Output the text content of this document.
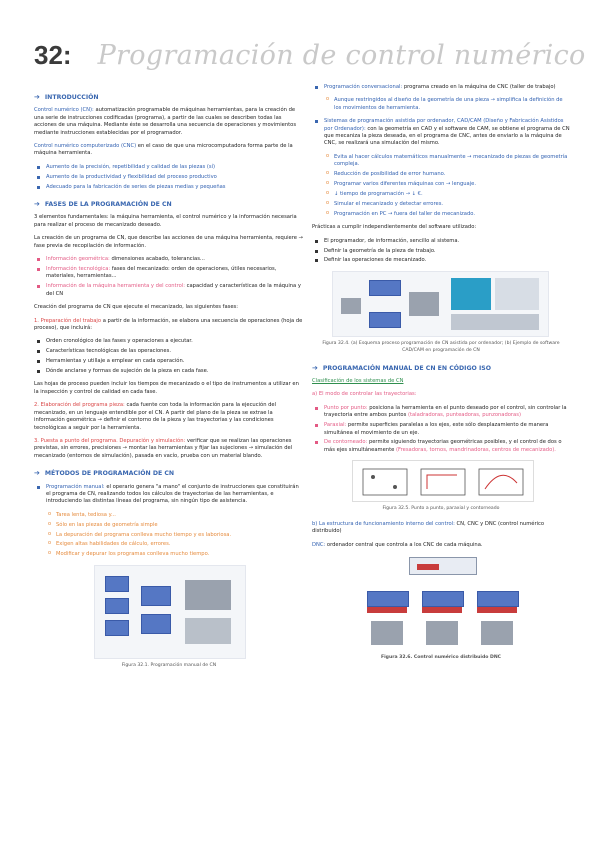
32: Programación de control numérico
➔ INTRODUCCIÓN

Control numérico (CN): automatización programable de máquinas herramientas, para la creación de una serie de instrucciones codificadas (programa), a partir de las cuales se describen todas las acciones de una máquina. Mediante éste se desarrolla una secuencia de operaciones y movimientos mediante instrucciones establecidas por el programador.

Control numérico computerizado (CNC) en el caso de que una microcomputadora forma parte de la máquina herramienta.

Aumento de la precisión, repetibilidad y calidad de las piezas (sí)
Aumento de la productividad y flexibilidad del proceso productivo
Adecuado para la fabricación de series de piezas medias y pequeñas
➔ FASES DE LA PROGRAMACIÓN DE CN

3 elementos fundamentales: la máquina herramienta, el control numérico y la información necesaria para realizar el proceso de mecanizado deseado.

La creación de un programa de CN, que describe las acciones de una máquina herramienta, requiere → fase previa de recopilación de información.

Información geométrica: dimensiones acabado, tolerancias...
Información tecnológica: fases del mecanizado: orden de operaciones, útiles necesarios, materiales, herramientas...
Información de la máquina herramienta y del control: capacidad y características de la máquina y del CN

Creación del programa de CN que ejecute el mecanizado, las siguientes fases:

1. Preparación del trabajo a partir de la información, se elabora una secuencia de operaciones (hoja de proceso), que incluirá:

Orden cronológico de las fases y operaciones a ejecutar.
Características tecnológicas de las operaciones.
Herramientas y utillaje a emplear en cada operación.
Dónde anclarse y formas de sujeción de la pieza en cada fase.

Las hojas de proceso pueden incluir los tiempos de mecanizado o el tipo de instrumentos a utilizar en la inspección y control de calidad en cada fase.

2. Elaboración del programa pieza: cada fuente con toda la información para la ejecución del mecanizado, en un lenguaje entendible por el CN. A partir del plano de la pieza se extrae la información geométrica → definir el contorno de la pieza y las trayectorias y las condiciones tecnológicas a seguir por la herramienta.

3. Puesta a punto del programa. Depuración y simulación: verificar que se realizan las operaciones previstas, sin errores, precisiones → montar las herramientas y fijar las sujeciones → simulación del mecanizado (entornos de simulación), pasada en vacío, prueba con un material blando.

➔ MÉTODOS DE PROGRAMACIÓN DE CN
Programación manual: el operario genera "a mano" el conjunto de instrucciones que constituirán el programa de CN, realizando todos los cálculos de trayectorias de las herramientas, e introduciendo las distintas líneas del programa, sin ningún tipo de asistencia.
o Tarea lenta, tediosa y...
o Sólo en las piezas de geometría simple
o La depuración del programa conlleva mucho tiempo y es laboriosa.
o Exigen altas habilidades de cálculo, errores.
o Modificar y depurar los programas conlleva mucho tiempo.
Figura 32.1. Programación manual de CN
Programación conversacional: programa creado en la máquina de CNC (taller de trabajo)
o Aunque restringidos al diseño de la geometría de una pieza → simplifica la definición de los movimientos de herramienta.
Sistemas de programación asistida por ordenador, CAD/CAM (Diseño y Fabricación Asistidos por Ordenador): con la geometría en CAD y el software de CAM, se obtiene el programa de CN que mecaniza la pieza deseada, en el programa de CNC, antes de enviarlo a la máquina de CNC, se realizará una simulación del mismo.
o Evita al hacer cálculos matemáticos manualmente → mecanizado de piezas de geometría compleja.
o Reducción de posibilidad de error humano.
o Programar varios diferentes máquinas con → lenguaje.
o ↓ tiempo de programación → ↓ €.
o Simular el mecanizado y detectar errores.
o Programación en PC → fuera del taller de mecanizado.

Prácticas a cumplir independientemente del software utilizado:

El programador, de información, sencillo al sistema.
Definir la geometría de la pieza de trabajo.
Definir las operaciones de mecanizado.
Figura 32.4. (a) Esquema proceso programación de CN asistida por ordenador; (b) Ejemplo de software CAD/CAM en programación de CN
➔ PROGRAMACIÓN MANUAL DE CN EN CÓDIGO ISO

Clasificación de los sistemas de CN

a) El modo de controlar las trayectorias:

Punto por punto: posiciona la herramienta en el punto deseado por el control, sin controlar la trayectoria entre ambos puntos (taladradoras, punteadoras, punzonadoras)
Paraxial: permite superficies paralelas a los ejes, este sólo desplazamiento de manera simultánea el movimiento de un eje.
De contorneado: permite siguiendo trayectorias geométricas posibles, y el control de dos o más ejes simultáneamente (Fresadoras, tornos, mandrinadoras, centros de mecanizado).
Figura 32.5. Punto a punto, paraxial y contorneado

b) La estructura de funcionamiento interno del control: CN, CNC y DNC (control numérico distribuido)

DNC: ordenador central que controla a los CNC de cada máquina.

Figura 32.6. Control numérico distribuido DNC
